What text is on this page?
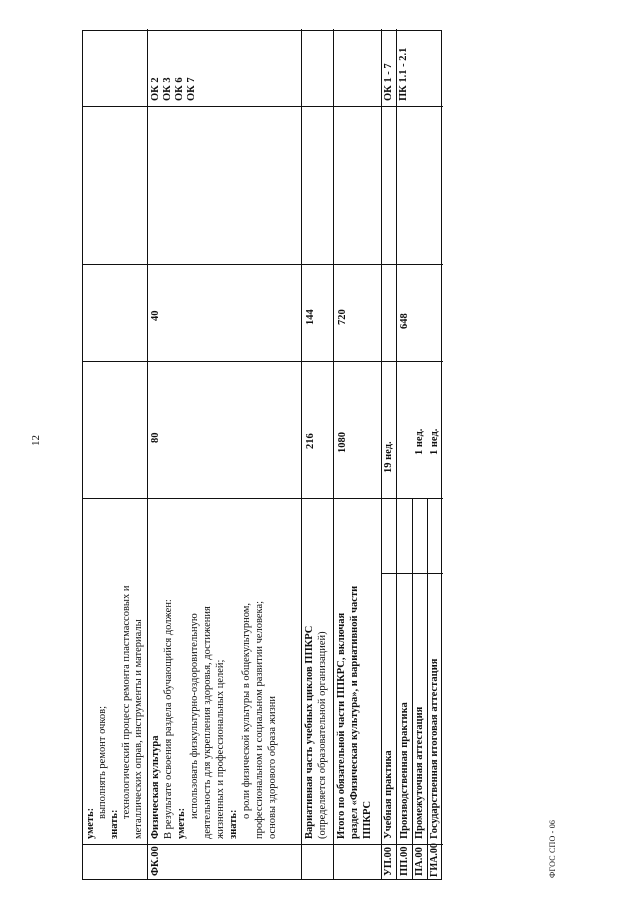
12
уметь:
выполнять ремонт очков;
знать:
технологический процесс ремонта пластмассовых и металлических оправ, инструменты и материалы
ФК.00
Физическая культура В результате освоения раздела обучающийся должен: уметь:
использовать физкультурно-оздоровительную деятельность для укрепления здоровья, достижения жизненных и профессиональных целей; знать:
о роли физической культуры в общекультурном, профессиональном и социальном развитии человека; основы здорового образа жизни
80
40
ОК 2 ОК 3 ОК 6 ОК 7
Вариативная часть учебных циклов ППКРС (определяется образовательной организацией)
216
144
Итого по обязательной части ППКРС, включая раздел «Физическая культура», и вариативной части ППКРС
1080
720
УП.00
Учебная практика
19 нед.
648
ОК 1 - 7 ПК 1.1 - 2.1
ПП.00
Производственная практика
ПА.00
Промежуточная аттестация
1 нед.
ГИА.00
Государственная итоговая аттестация
1 нед.
ФГОС СПО - 06
